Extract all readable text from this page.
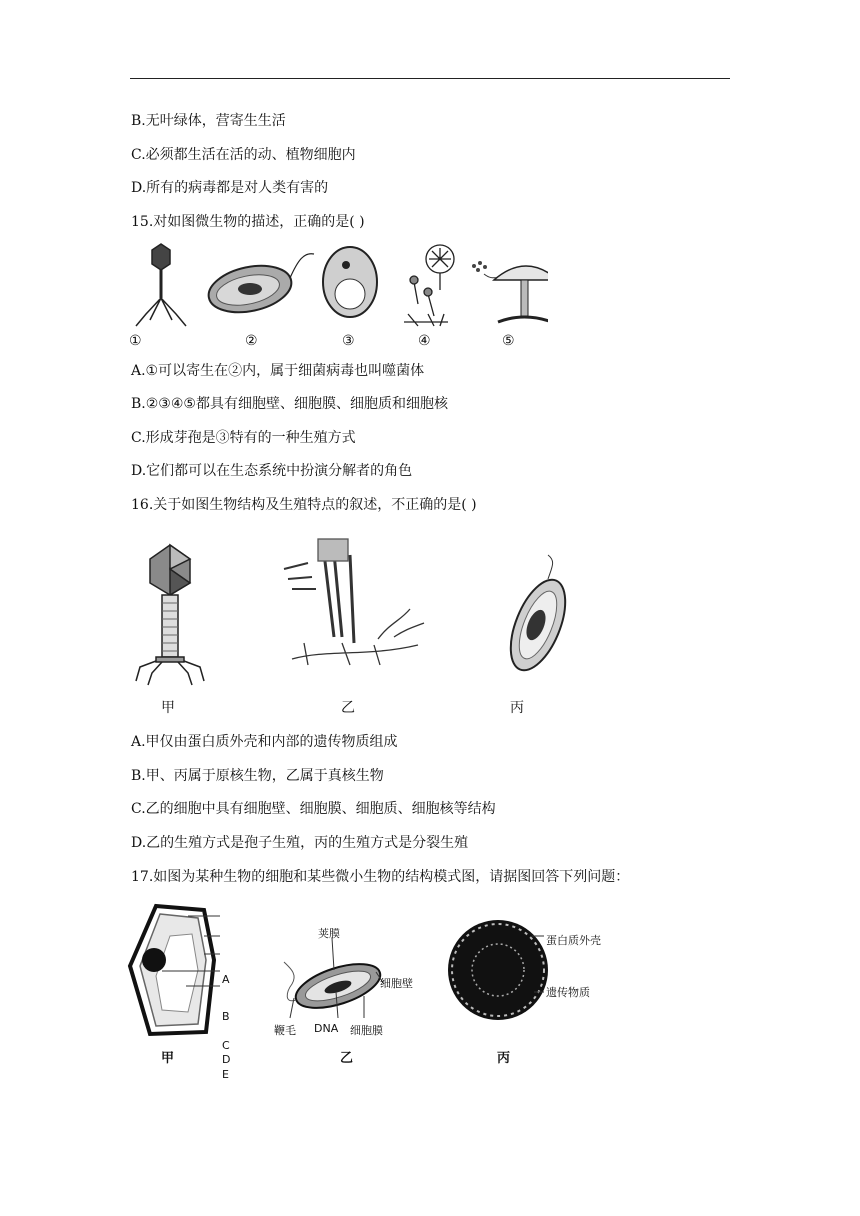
B.无叶绿体，营寄生生活
C.必须都生活在活的动、植物细胞内
D.所有的病毒都是对人类有害的
15.对如图微生物的描述，正确的是( )
①	②	③	④	⑤
A.①可以寄生在②内，属于细菌病毒也叫噬菌体
B.②③④⑤都具有细胞壁、细胞膜、细胞质和细胞核
C.形成芽孢是③特有的一种生殖方式
D.它们都可以在生态系统中扮演分解者的角色
16.关于如图生物结构及生殖特点的叙述，不正确的是( )
甲	乙	丙
A.甲仅由蛋白质外壳和内部的遗传物质组成
B.甲、丙属于原核生物，乙属于真核生物
C.乙的细胞中具有细胞壁、细胞膜、细胞质、细胞核等结构
D.乙的生殖方式是孢子生殖，丙的生殖方式是分裂生殖
17.如图为某种生物的细胞和某些微小生物的结构模式图，请据图回答下列问题：
A
B
C
D
E
荚膜
细胞壁
鞭毛 DNA 细胞膜
蛋白质外壳
遗传物质
甲	乙	丙
